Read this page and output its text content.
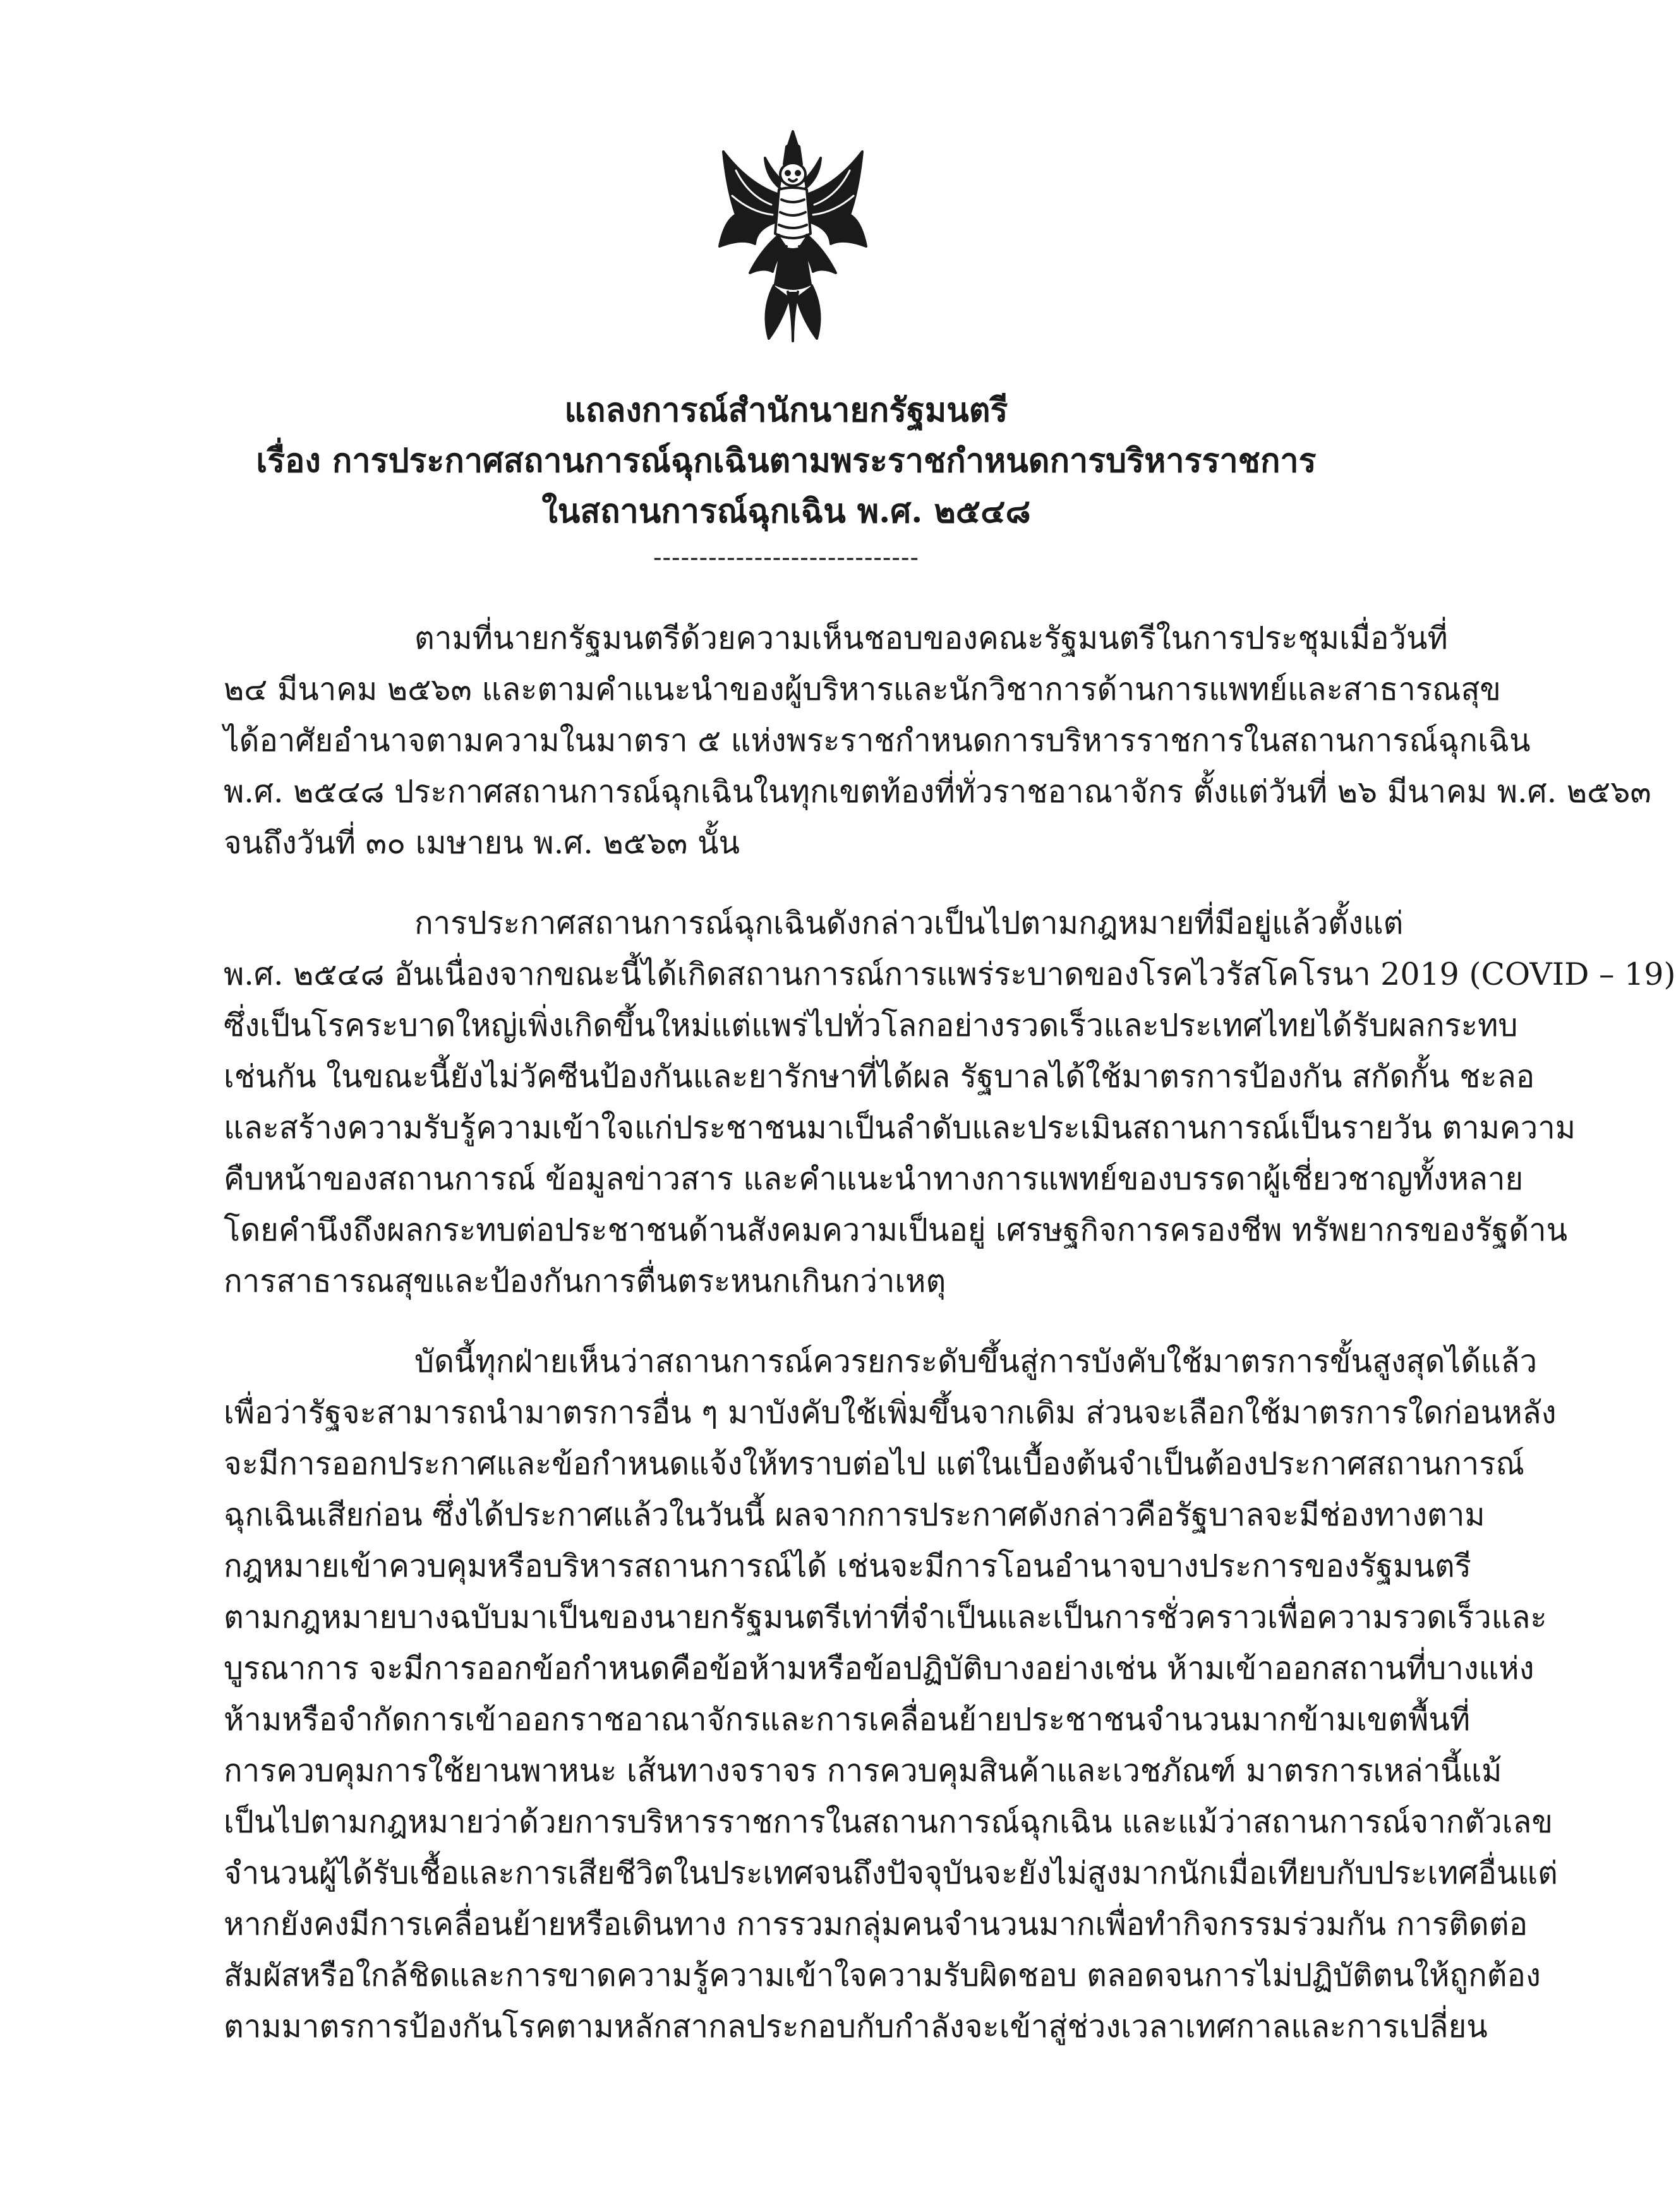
แถลงการณ์สำนักนายกรัฐมนตรี
เรื่อง การประกาศสถานการณ์ฉุกเฉินตามพระราชกำหนดการบริหารราชการ
ในสถานการณ์ฉุกเฉิน พ.ศ. ๒๕๔๘
-----------------------------
ตามที่นายกรัฐมนตรีด้วยความเห็นชอบของคณะรัฐมนตรีในการประชุมเมื่อวันที่
๒๔ มีนาคม ๒๕๖๓ และตามคำแนะนำของผู้บริหารและนักวิชาการด้านการแพทย์และสาธารณสุข
ได้อาศัยอำนาจตามความในมาตรา ๕ แห่งพระราชกำหนดการบริหารราชการในสถานการณ์ฉุกเฉิน
พ.ศ. ๒๕๔๘ ประกาศสถานการณ์ฉุกเฉินในทุกเขตท้องที่ทั่วราชอาณาจักร ตั้งแต่วันที่ ๒๖ มีนาคม พ.ศ. ๒๕๖๓
จนถึงวันที่ ๓๐ เมษายน พ.ศ. ๒๕๖๓ นั้น
การประกาศสถานการณ์ฉุกเฉินดังกล่าวเป็นไปตามกฎหมายที่มีอยู่แล้วตั้งแต่
พ.ศ. ๒๕๔๘ อันเนื่องจากขณะนี้ได้เกิดสถานการณ์การแพร่ระบาดของโรคไวรัสโคโรนา 2019 (COVID – 19)
ซึ่งเป็นโรคระบาดใหญ่เพิ่งเกิดขึ้นใหม่แต่แพร่ไปทั่วโลกอย่างรวดเร็วและประเทศไทยได้รับผลกระทบ
เช่นกัน ในขณะนี้ยังไม่วัคซีนป้องกันและยารักษาที่ได้ผล รัฐบาลได้ใช้มาตรการป้องกัน สกัดกั้น ชะลอ
และสร้างความรับรู้ความเข้าใจแก่ประชาชนมาเป็นลำดับและประเมินสถานการณ์เป็นรายวัน ตามความ
คืบหน้าของสถานการณ์ ข้อมูลข่าวสาร และคำแนะนำทางการแพทย์ของบรรดาผู้เชี่ยวชาญทั้งหลาย
โดยคำนึงถึงผลกระทบต่อประชาชนด้านสังคมความเป็นอยู่ เศรษฐกิจการครองชีพ ทรัพยากรของรัฐด้าน
การสาธารณสุขและป้องกันการตื่นตระหนกเกินกว่าเหตุ
บัดนี้ทุกฝ่ายเห็นว่าสถานการณ์ควรยกระดับขึ้นสู่การบังคับใช้มาตรการขั้นสูงสุดได้แล้ว
เพื่อว่ารัฐจะสามารถนำมาตรการอื่น ๆ มาบังคับใช้เพิ่มขึ้นจากเดิม ส่วนจะเลือกใช้มาตรการใดก่อนหลัง
จะมีการออกประกาศและข้อกำหนดแจ้งให้ทราบต่อไป แต่ในเบื้องต้นจำเป็นต้องประกาศสถานการณ์
ฉุกเฉินเสียก่อน ซึ่งได้ประกาศแล้วในวันนี้ ผลจากการประกาศดังกล่าวคือรัฐบาลจะมีช่องทางตาม
กฎหมายเข้าควบคุมหรือบริหารสถานการณ์ได้ เช่นจะมีการโอนอำนาจบางประการของรัฐมนตรี
ตามกฎหมายบางฉบับมาเป็นของนายกรัฐมนตรีเท่าที่จำเป็นและเป็นการชั่วคราวเพื่อความรวดเร็วและ
บูรณาการ จะมีการออกข้อกำหนดคือข้อห้ามหรือข้อปฏิบัติบางอย่างเช่น ห้ามเข้าออกสถานที่บางแห่ง
ห้ามหรือจำกัดการเข้าออกราชอาณาจักรและการเคลื่อนย้ายประชาชนจำนวนมากข้ามเขตพื้นที่
การควบคุมการใช้ยานพาหนะ เส้นทางจราจร การควบคุมสินค้าและเวชภัณฑ์ มาตรการเหล่านี้แม้
เป็นไปตามกฎหมายว่าด้วยการบริหารราชการในสถานการณ์ฉุกเฉิน และแม้ว่าสถานการณ์จากตัวเลข
จำนวนผู้ได้รับเชื้อและการเสียชีวิตในประเทศจนถึงปัจจุบันจะยังไม่สูงมากนักเมื่อเทียบกับประเทศอื่นแต่
หากยังคงมีการเคลื่อนย้ายหรือเดินทาง การรวมกลุ่มคนจำนวนมากเพื่อทำกิจกรรมร่วมกัน การติดต่อ
สัมผัสหรือใกล้ชิดและการขาดความรู้ความเข้าใจความรับผิดชอบ ตลอดจนการไม่ปฏิบัติตนให้ถูกต้อง
ตามมาตรการป้องกันโรคตามหลักสากลประกอบกับกำลังจะเข้าสู่ช่วงเวลาเทศกาลและการเปลี่ยน
